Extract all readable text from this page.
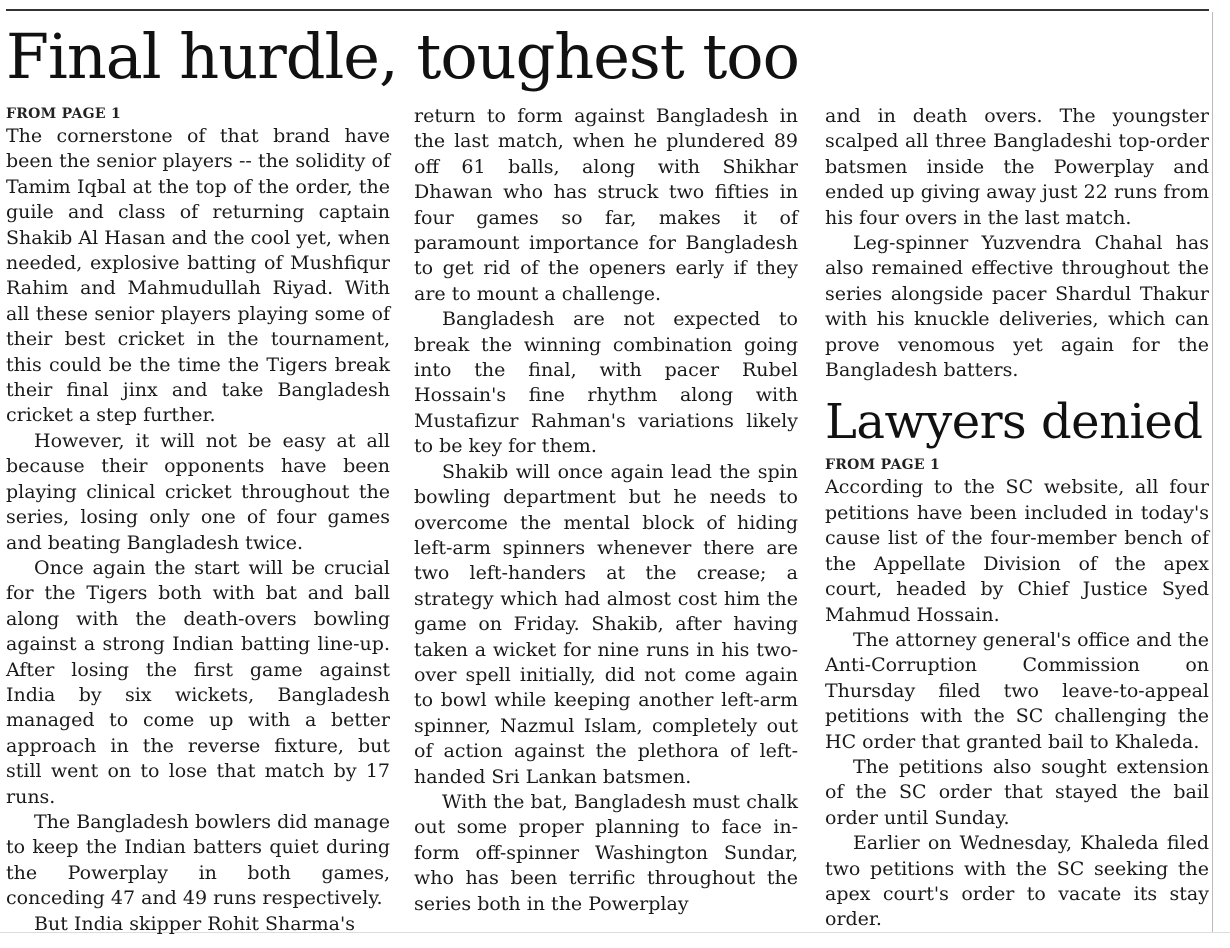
Final hurdle, toughest too
FROM PAGE 1

The cornerstone of that brand have been the senior players -- the solidity of Tamim Iqbal at the top of the order, the guile and class of returning captain Shakib Al Hasan and the cool yet, when needed, explosive batting of Mushfiqur Rahim and Mahmudullah Riyad. With all these senior players playing some of their best cricket in the tournament, this could be the time the Tigers break their final jinx and take Bangladesh cricket a step further.

However, it will not be easy at all because their opponents have been playing clinical cricket throughout the series, losing only one of four games and beating Bangladesh twice.

Once again the start will be crucial for the Tigers both with bat and ball along with the death-overs bowling against a strong Indian batting line-up. After losing the first game against India by six wickets, Bangladesh managed to come up with a better approach in the reverse fixture, but still went on to lose that match by 17 runs.

The Bangladesh bowlers did manage to keep the Indian batters quiet during the Powerplay in both games, conceding 47 and 49 runs respectively.

But India skipper Rohit Sharma's

return to form against Bangladesh in the last match, when he plundered 89 off 61 balls, along with Shikhar Dhawan who has struck two fifties in four games so far, makes it of paramount importance for Bangladesh to get rid of the openers early if they are to mount a challenge.

Bangladesh are not expected to break the winning combination going into the final, with pacer Rubel Hossain's fine rhythm along with Mustafizur Rahman's variations likely to be key for them.

Shakib will once again lead the spin bowling department but he needs to overcome the mental block of hiding left-arm spinners whenever there are two left-handers at the crease; a strategy which had almost cost him the game on Friday. Shakib, after having taken a wicket for nine runs in his two-over spell initially, did not come again to bowl while keeping another left-arm spinner, Nazmul Islam, completely out of action against the plethora of left-handed Sri Lankan batsmen.

With the bat, Bangladesh must chalk out some proper planning to face in-form off-spinner Washington Sundar, who has been terrific throughout the series both in the Powerplay

and in death overs. The youngster scalped all three Bangladeshi top-order batsmen inside the Powerplay and ended up giving away just 22 runs from his four overs in the last match.

Leg-spinner Yuzvendra Chahal has also remained effective throughout the series alongside pacer Shardul Thakur with his knuckle deliveries, which can prove venomous yet again for the Bangladesh batters.

Lawyers denied
FROM PAGE 1

According to the SC website, all four petitions have been included in today's cause list of the four-member bench of the Appellate Division of the apex court, headed by Chief Justice Syed Mahmud Hossain.

The attorney general's office and the Anti-Corruption Commission on Thursday filed two leave-to-appeal petitions with the SC challenging the HC order that granted bail to Khaleda.

The petitions also sought extension of the SC order that stayed the bail order until Sunday.

Earlier on Wednesday, Khaleda filed two petitions with the SC seeking the apex court's order to vacate its stay order.
